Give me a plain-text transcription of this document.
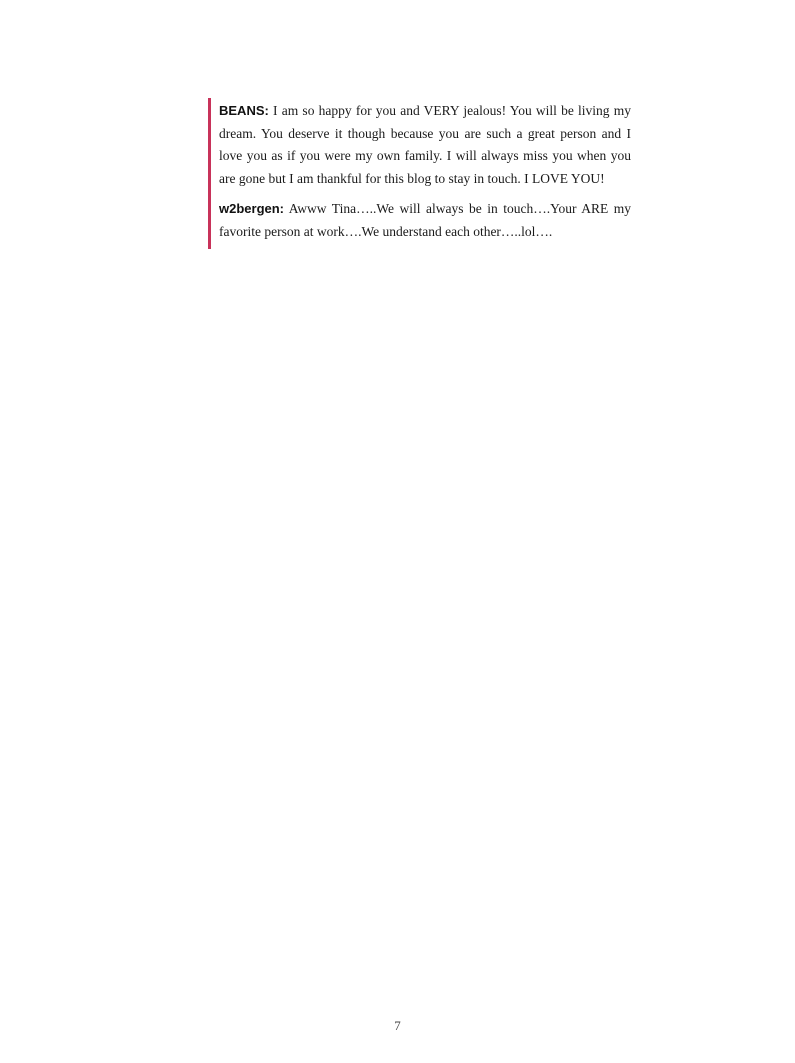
BEANS: I am so happy for you and VERY jealous! You will be living my dream. You deserve it though because you are such a great person and I love you as if you were my own family. I will always miss you when you are gone but I am thankful for this blog to stay in touch. I LOVE YOU!

w2bergen: Awww Tina…..We will always be in touch….Your ARE my favorite person at work….We understand each other…..lol….

7
